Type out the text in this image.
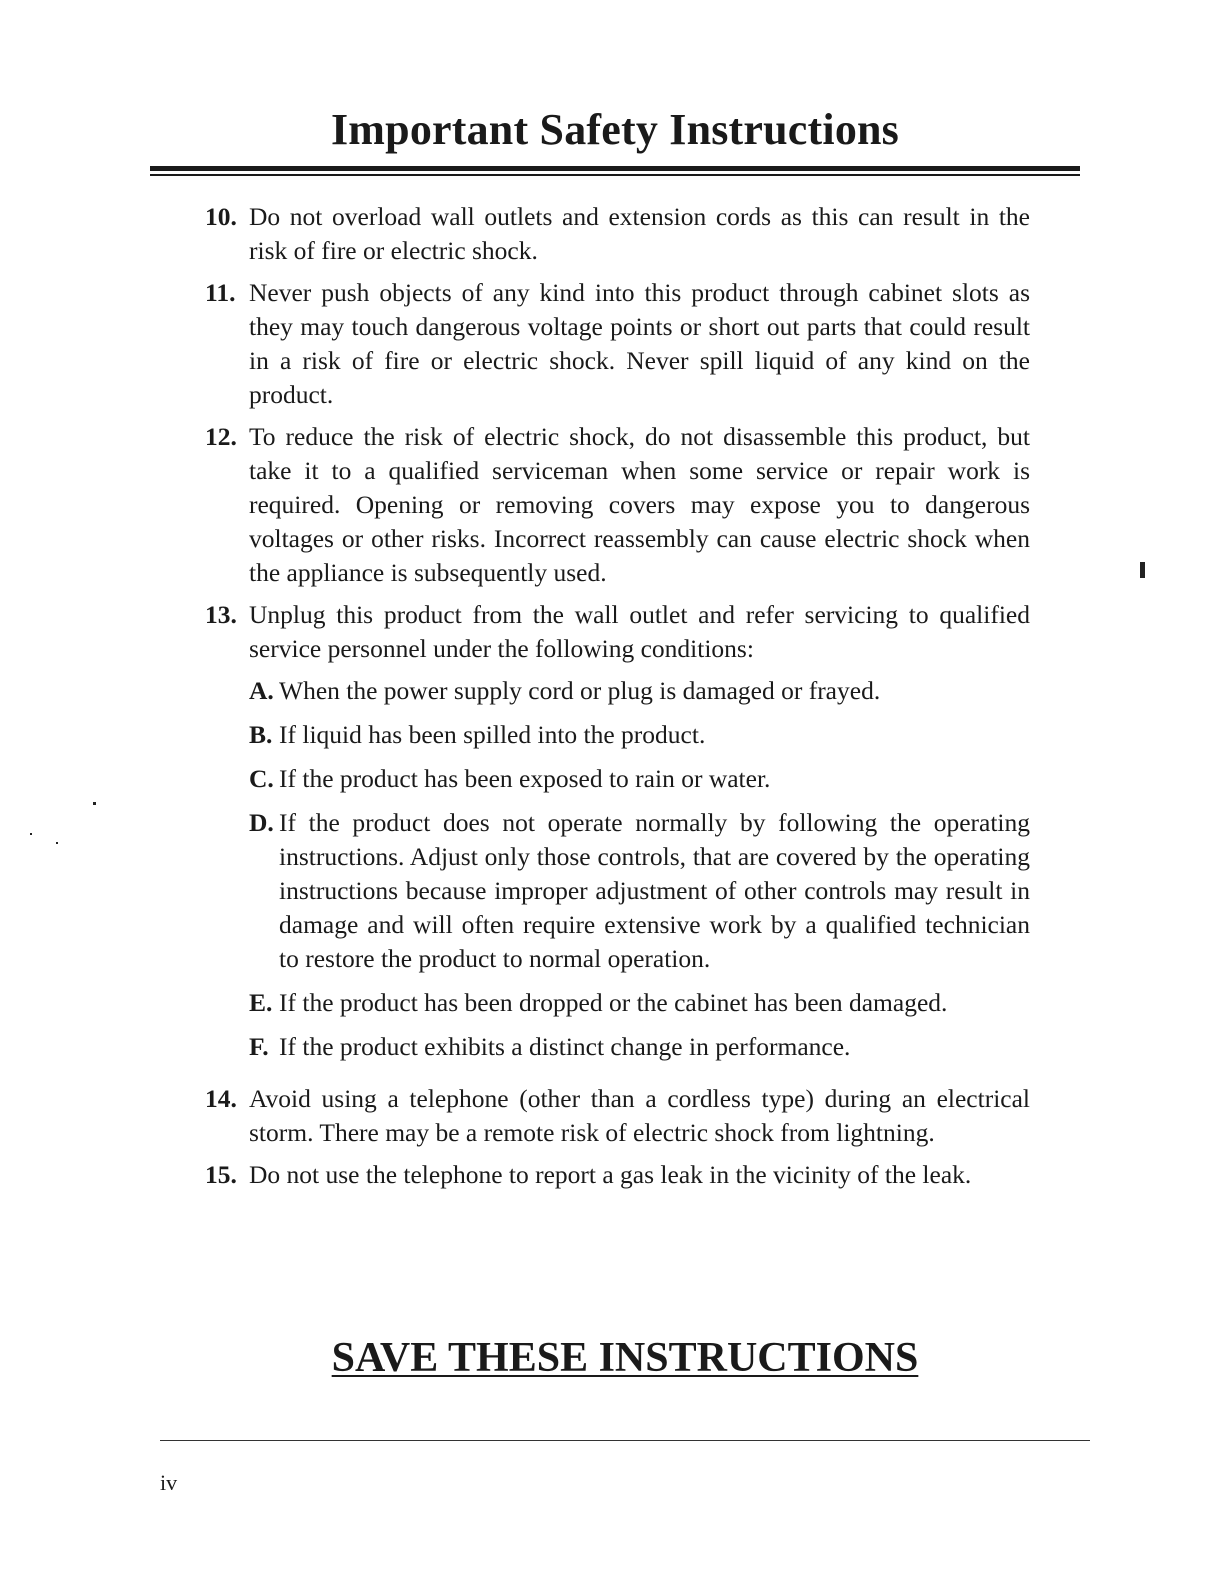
Important Safety Instructions
10. Do not overload wall outlets and extension cords as this can result in the risk of fire or electric shock.
11. Never push objects of any kind into this product through cabinet slots as they may touch dangerous voltage points or short out parts that could result in a risk of fire or electric shock. Never spill liquid of any kind on the product.
12. To reduce the risk of electric shock, do not disassemble this product, but take it to a qualified serviceman when some service or repair work is required. Opening or removing covers may expose you to dangerous voltages or other risks. Incorrect reassembly can cause electric shock when the appliance is subsequently used.
13. Unplug this product from the wall outlet and refer servicing to qualified service personnel under the following conditions:
A. When the power supply cord or plug is damaged or frayed.
B. If liquid has been spilled into the product.
C. If the product has been exposed to rain or water.
D. If the product does not operate normally by following the operating instructions. Adjust only those controls, that are covered by the operating instructions because improper adjustment of other controls may result in damage and will often require extensive work by a qualified technician to restore the product to normal operation.
E. If the product has been dropped or the cabinet has been damaged.
F. If the product exhibits a distinct change in performance.
14. Avoid using a telephone (other than a cordless type) during an electrical storm. There may be a remote risk of electric shock from lightning.
15. Do not use the telephone to report a gas leak in the vicinity of the leak.
SAVE THESE INSTRUCTIONS
iv
